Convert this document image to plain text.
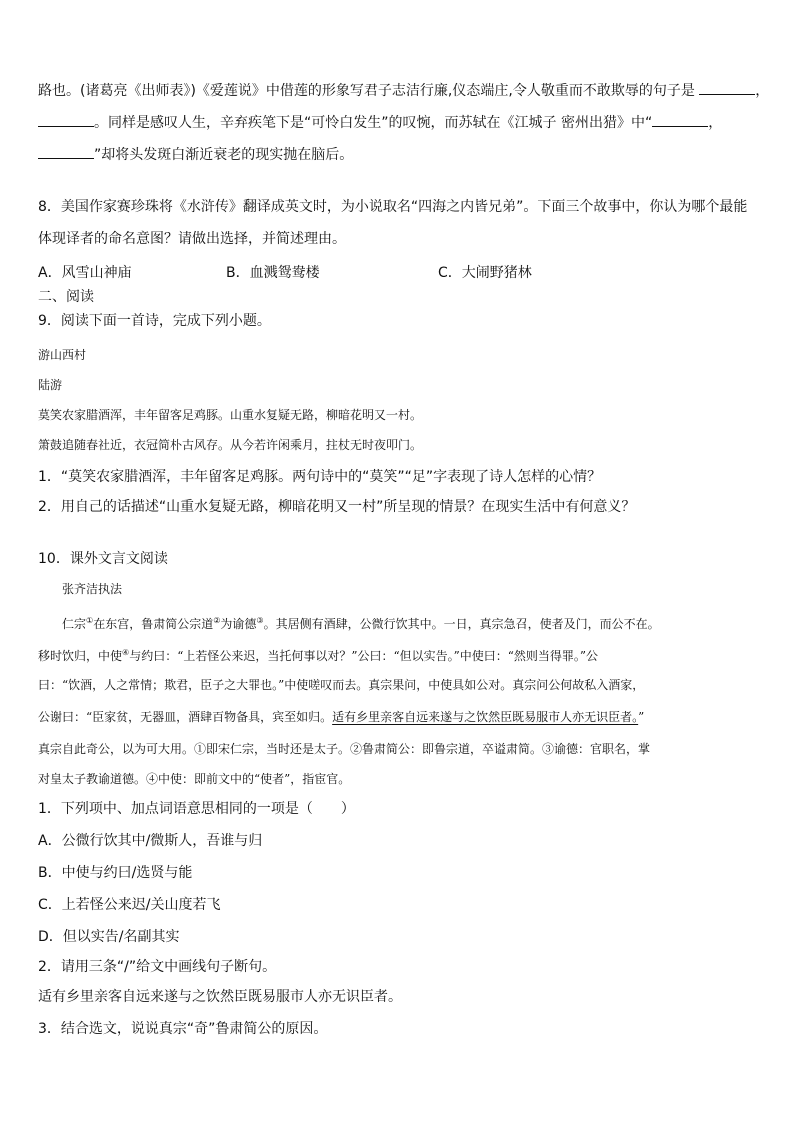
路也。(诸葛亮《出师表》)《爱莲说》中借莲的形象写君子志洁行廉,仪态端庄,令人敬重而不敢欺辱的句子是	，
。同样是感叹人生，辛弃疾笔下是“可怜白发生”的叹惋，而苏轼在《江城子 密州出猎》中“	，
”却将头发斑白渐近衰老的现实抛在脑后。
8．美国作家赛珍珠将《水浒传》翻译成英文时，为小说取名“四海之内皆兄弟”。下面三个故事中，你认为哪个最能
体现译者的命名意图？请做出选择，并简述理由。
A．风雪山神庙	B．血溅鸳鸯楼	C．大闹野猪林
二、阅读
9．阅读下面一首诗，完成下列小题。
游山西村
陆游
莫笑农家腊酒浑，丰年留客足鸡豚。山重水复疑无路，柳暗花明又一村。
箫鼓追随春社近，衣冠简朴古风存。从今若许闲乘月，拄杖无时夜叩门。
1．“莫笑农家腊酒浑，丰年留客足鸡豚。两句诗中的“莫笑”“足”字表现了诗人怎样的心情？
2．用自己的话描述“山重水复疑无路，柳暗花明又一村”所呈现的情景？在现实生活中有何意义？
10．课外文言文阅读
张齐洁执法
仁宗①在东宫，鲁肃简公宗道②为谕德③。其居侧有酒肆，公微行饮其中。一日，真宗急召，使者及门，而公不在。
移时饮归，中使④与约曰：“上若怪公来迟，当托何事以对？”公曰：“但以实告。”中使曰：“然则当得罪。”公
曰：“饮酒，人之常情；欺君，臣子之大罪也。”中使嗟叹而去。真宗果问，中使具如公对。真宗问公何故私入酒家，
公谢曰：“臣家贫，无器皿，酒肆百物备具，宾至如归。适有乡里亲客自远来遂与之饮然臣既易服市人亦无识臣者。”
真宗自此奇公，以为可大用。①即宋仁宗，当时还是太子。②鲁肃简公：即鲁宗道，卒谥肃简。③谕德：官职名，掌
对皇太子教谕道德。④中使：即前文中的“使者”，指宦官。
1．下列项中、加点词语意思相同的一项是（　　）
A．公微行饮其中/微斯人，吾谁与归
B．中使与约曰/选贤与能
C．上若怪公来迟/关山度若飞
D．但以实告/名副其实
2．请用三条“/”给文中画线句子断句。
适有乡里亲客自远来遂与之饮然臣既易服市人亦无识臣者。
3．结合选文，说说真宗“奇”鲁肃简公的原因。
